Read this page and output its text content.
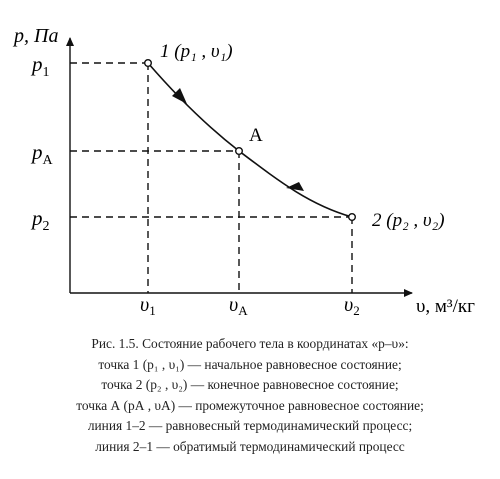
p, Па
υ, м³/кг
1 (p₁ , υ₁)
A
2 (p₂ , υ₂)
$p_1$
$p_A$
$p_2$
$\upsilon_1$	$\upsilon_A$	$\upsilon_2$
Рис. 1.5. Состояние рабочего тела в координатах «p–υ»:
точка 1 (p₁ , υ₁) — начальное равновесное состояние;
точка 2 (p₂ , υ₂) — конечное равновесное состояние;
точка А (pА , υА) — промежуточное равновесное состояние;
линия 1–2 — равновесный термодинамический процесс;
линия 2–1 — обратимый термодинамический процесс
